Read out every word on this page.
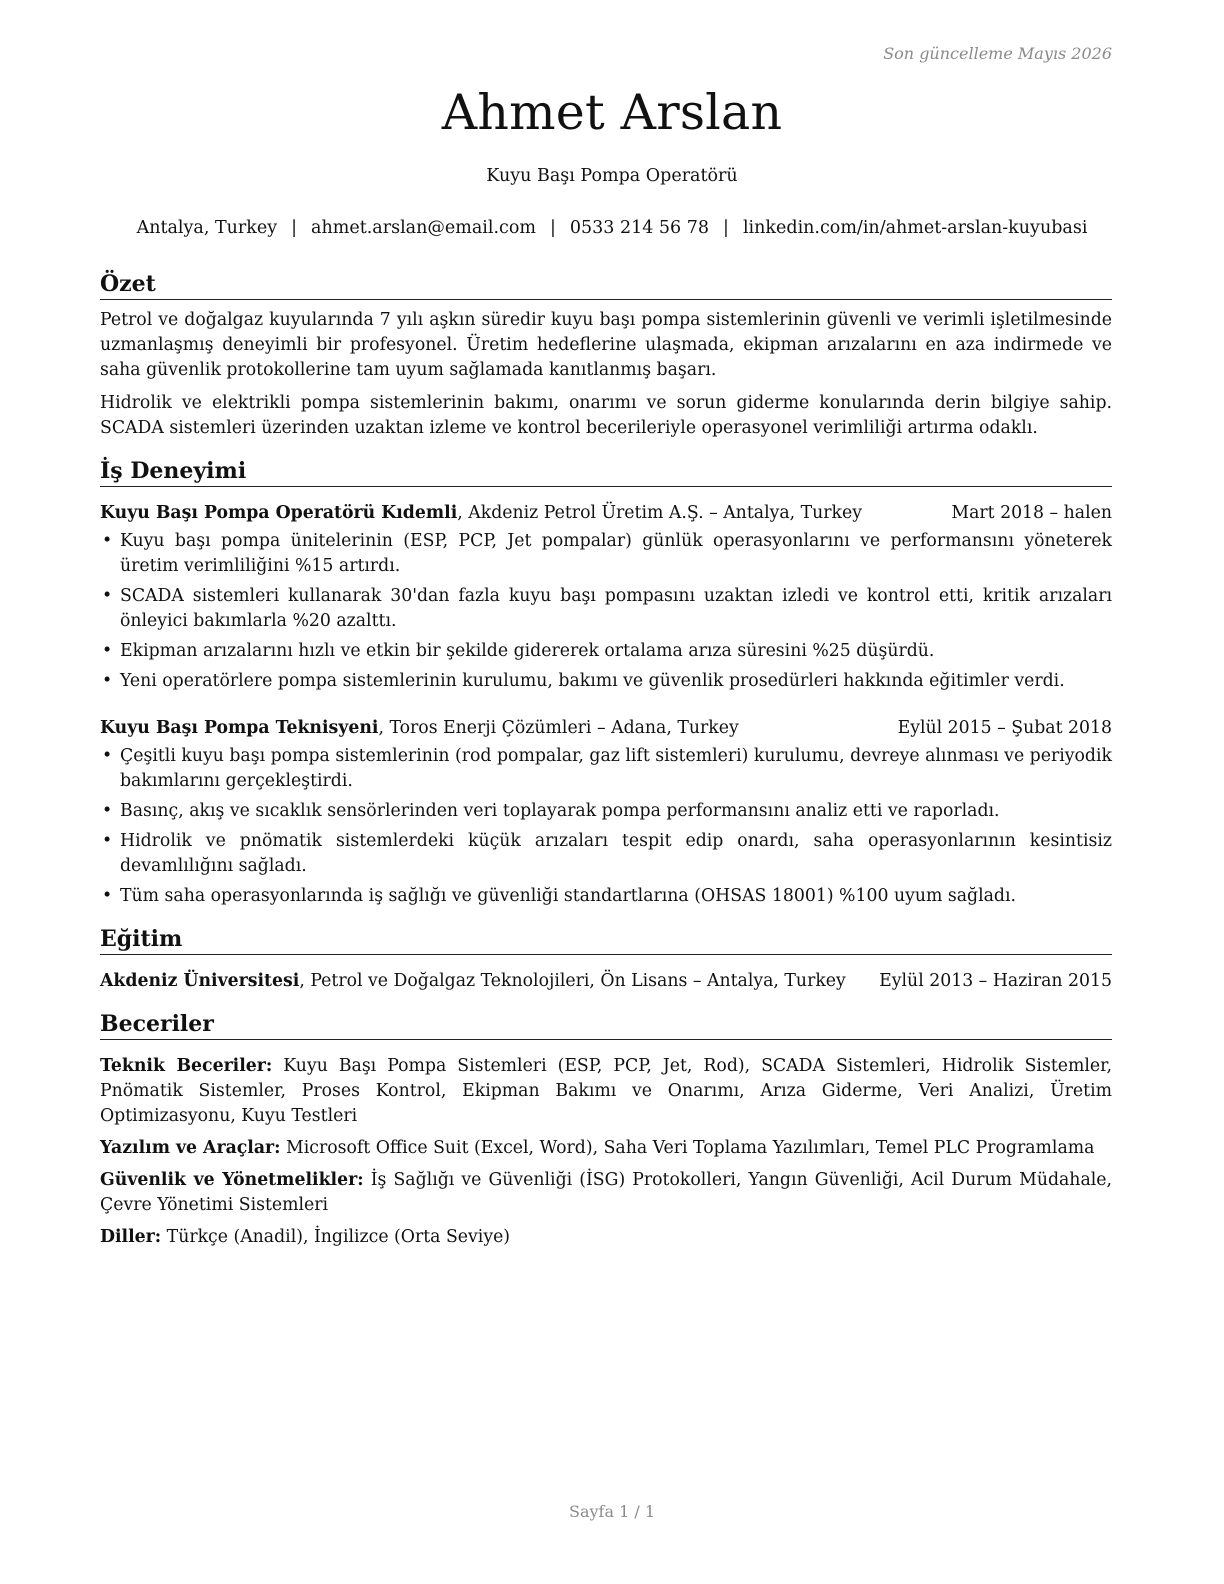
Son güncelleme Mayıs 2026
Ahmet Arslan
Kuyu Başı Pompa Operatörü
Antalya, Turkey | ahmet.arslan@email.com | 0533 214 56 78 | linkedin.com/in/ahmet-arslan-kuyubasi
Özet

Petrol ve doğalgaz kuyularında 7 yılı aşkın süredir kuyu başı pompa sistemlerinin güvenli ve verimli işletilmesinde uzmanlaşmış deneyimli bir profesyonel. Üretim hedeflerine ulaşmada, ekipman arızalarını en aza indirmede ve saha güvenlik protokollerine tam uyum sağlamada kanıtlanmış başarı.

Hidrolik ve elektrikli pompa sistemlerinin bakımı, onarımı ve sorun giderme konularında derin bilgiye sahip. SCADA sistemleri üzerinden uzaktan izleme ve kontrol becerileriyle operasyonel verimliliği artırma odaklı.

İş Deneyimi
Kuyu Başı Pompa Operatörü Kıdemli, Akdeniz Petrol Üretim A.Ş. – Antalya, Turkey	Mart 2018 – halen
• Kuyu başı pompa ünitelerinin (ESP, PCP, Jet pompalar) günlük operasyonlarını ve performansını yöneterek üretim verimliliğini %15 artırdı.
• SCADA sistemleri kullanarak 30'dan fazla kuyu başı pompasını uzaktan izledi ve kontrol etti, kritik arızaları önleyici bakımlarla %20 azalttı.
• Ekipman arızalarını hızlı ve etkin bir şekilde gidererek ortalama arıza süresini %25 düşürdü.
• Yeni operatörlere pompa sistemlerinin kurulumu, bakımı ve güvenlik prosedürleri hakkında eğitimler verdi.
Kuyu Başı Pompa Teknisyeni, Toros Enerji Çözümleri – Adana, Turkey	Eylül 2015 – Şubat 2018
• Çeşitli kuyu başı pompa sistemlerinin (rod pompalar, gaz lift sistemleri) kurulumu, devreye alınması ve periyodik bakımlarını gerçekleştirdi.
• Basınç, akış ve sıcaklık sensörlerinden veri toplayarak pompa performansını analiz etti ve raporladı.
• Hidrolik ve pnömatik sistemlerdeki küçük arızaları tespit edip onardı, saha operasyonlarının kesintisiz devamlılığını sağladı.
• Tüm saha operasyonlarında iş sağlığı ve güvenliği standartlarına (OHSAS 18001) %100 uyum sağladı.
Eğitim
Akdeniz Üniversitesi, Petrol ve Doğalgaz Teknolojileri, Ön Lisans – Antalya, Turkey Eylül 2013 – Haziran 2015
Beceriler
Teknik Beceriler: Kuyu Başı Pompa Sistemleri (ESP, PCP, Jet, Rod), SCADA Sistemleri, Hidrolik Sistemler, Pnömatik Sistemler, Proses Kontrol, Ekipman Bakımı ve Onarımı, Arıza Giderme, Veri Analizi, Üretim Optimizasyonu, Kuyu Testleri
Yazılım ve Araçlar: Microsoft Office Suit (Excel, Word), Saha Veri Toplama Yazılımları, Temel PLC Programlama
Güvenlik ve Yönetmelikler: İş Sağlığı ve Güvenliği (İSG) Protokolleri, Yangın Güvenliği, Acil Durum Müdahale, Çevre Yönetimi Sistemleri
Diller: Türkçe (Anadil), İngilizce (Orta Seviye)
Sayfa 1 / 1
